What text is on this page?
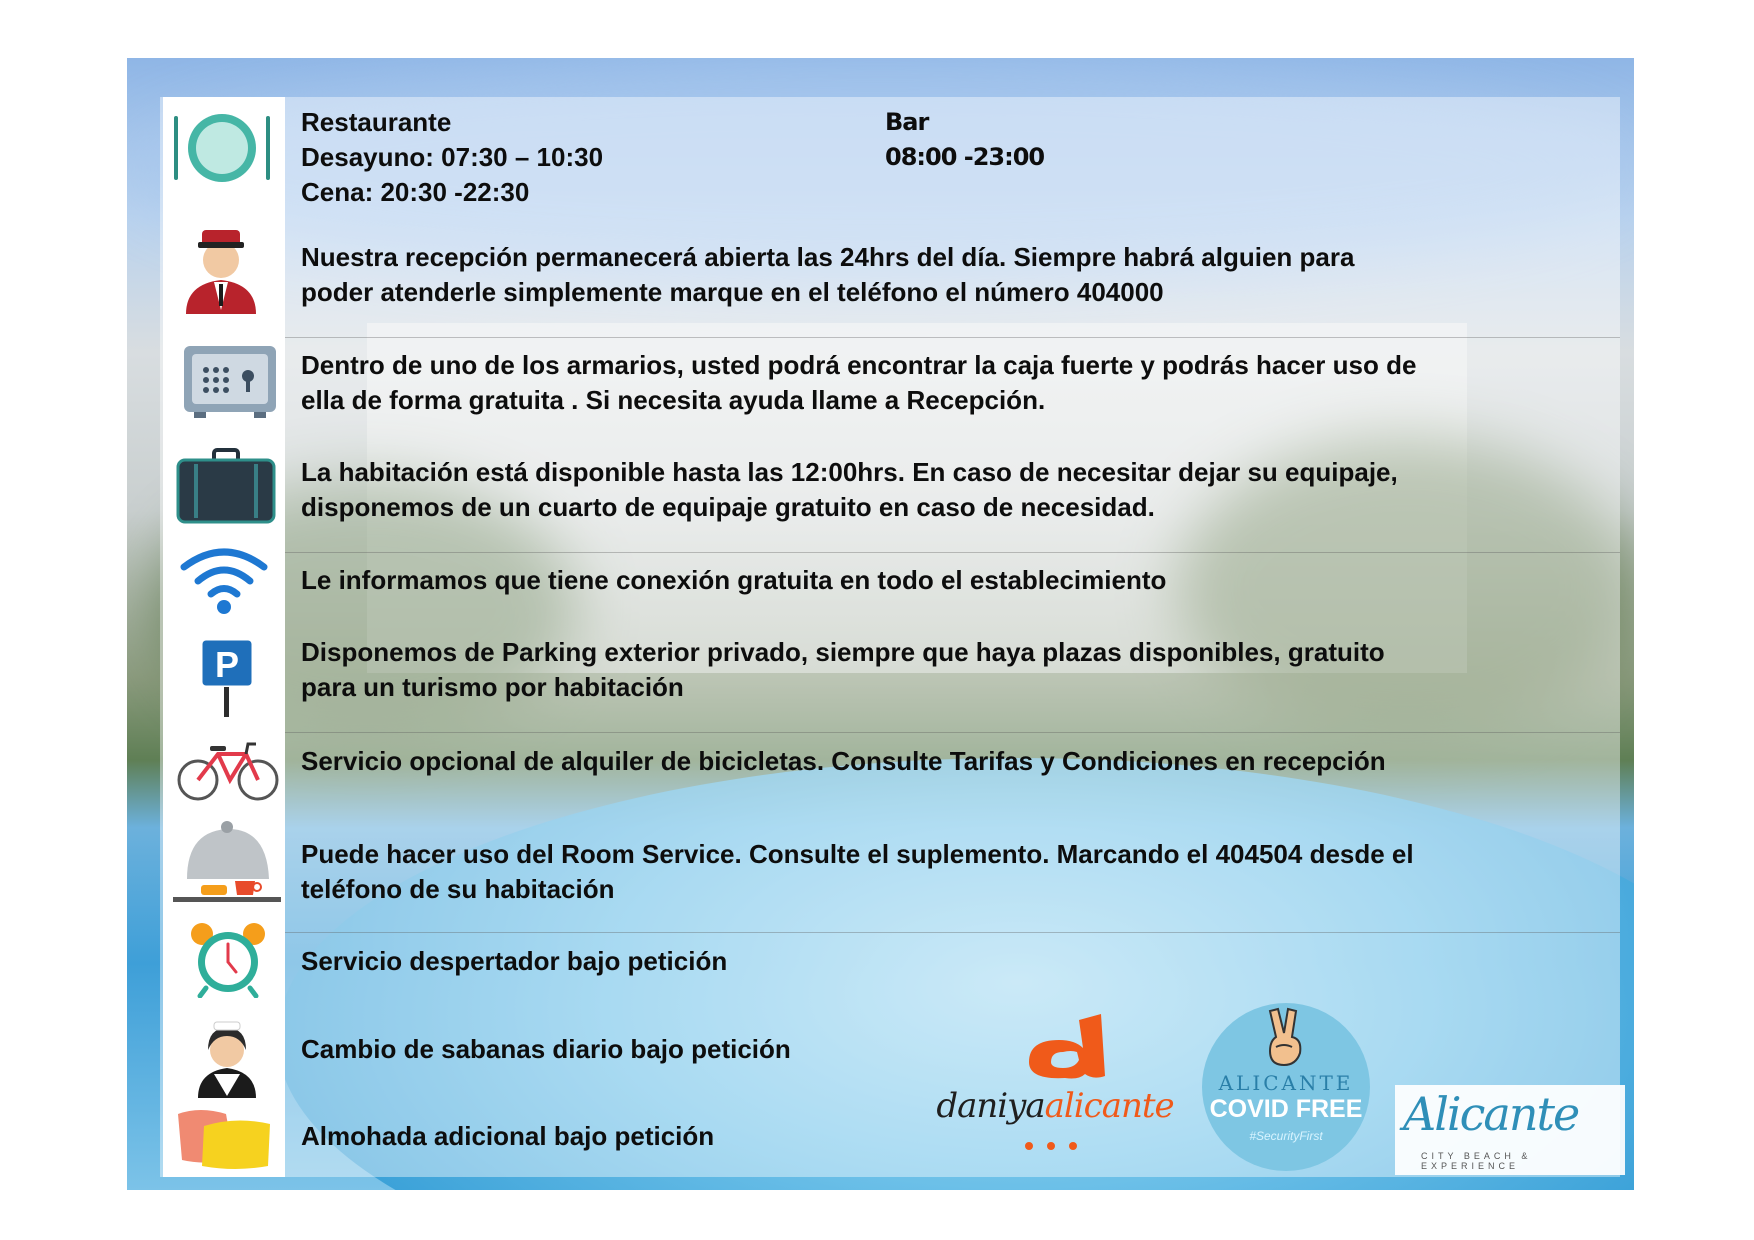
P
Restaurante
Desayuno: 07:30 – 10:30
Cena: 20:30 -22:30
Bar
08:00 -23:00
Nuestra recepción permanecerá abierta las 24hrs del día. Siempre habrá alguien para
poder atenderle simplemente marque en el teléfono el número 404000
Dentro de uno de los armarios, usted podrá encontrar la caja fuerte y podrás hacer uso de
ella de forma gratuita . Si necesita ayuda llame a Recepción.
La habitación está disponible hasta las 12:00hrs. En caso de necesitar dejar su equipaje,
disponemos de un cuarto de equipaje gratuito en caso de necesidad.
Le informamos que tiene conexión gratuita en todo el establecimiento
Disponemos de Parking exterior privado, siempre que haya plazas disponibles, gratuito
para un turismo por habitación
Servicio opcional de alquiler de bicicletas. Consulte Tarifas y Condiciones en recepción
Puede hacer uso del Room Service. Consulte el suplemento. Marcando el 404504 desde el
teléfono de su habitación
Servicio despertador bajo petición
Cambio de sabanas diario bajo petición
Almohada adicional bajo petición
daniyaalicante
ALICANTE
COVID FREE
#SecurityFirst	Alicante
CITY BEACH & EXPERIENCE
